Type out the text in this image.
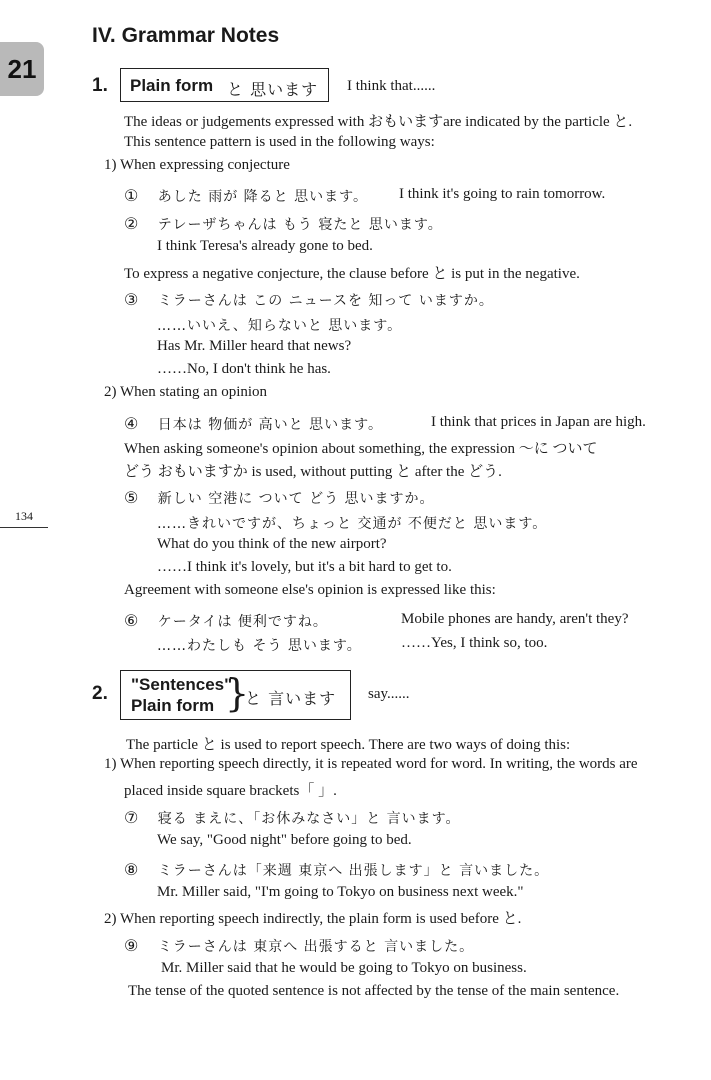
21
134
IV. Grammar Notes
1. Plain form と 思います I think that......
The ideas or judgements expressed with おもいますare indicated by the particle と.
This sentence pattern is used in the following ways:
1) When expressing conjecture
① あした 雨が 降ると 思います。 I think it's going to rain tomorrow.
② テレーザちゃんは もう 寝たと 思います。
I think Teresa's already gone to bed.
To express a negative conjecture, the clause before と is put in the negative.
③ ミラーさんは この ニュースを 知って いますか。
……いいえ、知らないと 思います。
Has Mr. Miller heard that news?
……No, I don't think he has.
2) When stating an opinion
④ 日本は 物価が 高いと 思います。	I think that prices in Japan are high.
When asking someone's opinion about something, the expression ～に ついて
どう おもいますか is used, without putting と after the どう.
⑤ 新しい 空港に ついて どう 思いますか。
……きれいですが、ちょっと 交通が 不便だと 思います。
What do you think of the new airport?
……I think it's lovely, but it's a bit hard to get to.
Agreement with someone else's opinion is expressed like this:
⑥ ケータイは 便利ですね。	Mobile phones are handy, aren't they?
……わたしも そう 思います。	……Yes, I think so, too.
2. "Sentences"
Plain form }
と 言います say......
The particle と is used to report speech. There are two ways of doing this:
1) When reporting speech directly, it is repeated word for word. In writing, the words are
placed inside square brackets「 」.
⑦ 寝る まえに、「お休みなさい」と 言います。
We say, "Good night" before going to bed.
⑧ ミラーさんは「来週 東京へ 出張します」と 言いました。
Mr. Miller said, "I'm going to Tokyo on business next week."
2) When reporting speech indirectly, the plain form is used before と.
⑨ ミラーさんは 東京へ 出張すると 言いました。
Mr. Miller said that he would be going to Tokyo on business.
The tense of the quoted sentence is not affected by the tense of the main sentence.
